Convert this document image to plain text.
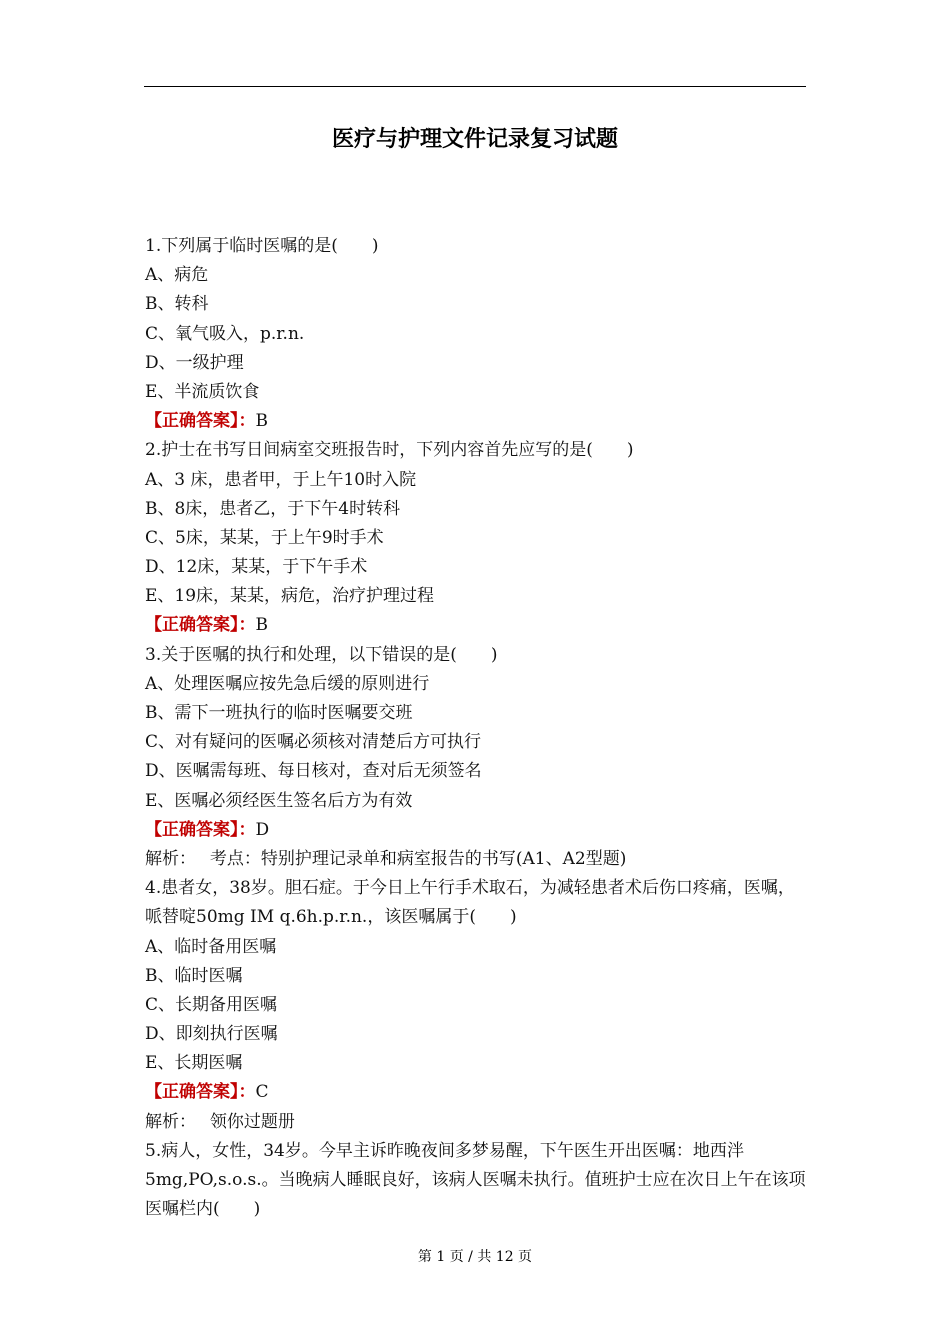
医疗与护理文件记录复习试题
1.下列属于临时医嘱的是(　　)
A、病危
B、转科
C、氧气吸入，p.r.n.
D、一级护理
E、半流质饮食
【正确答案】：B
2.护士在书写日间病室交班报告时，下列内容首先应写的是(　　)
A、3 床，患者甲，于上午10时入院
B、8床，患者乙，于下午4时转科
C、5床，某某，于上午9时手术
D、12床，某某，于下午手术
E、19床，某某，病危，治疗护理过程
【正确答案】：B
3.关于医嘱的执行和处理，以下错误的是(　　)
A、处理医嘱应按先急后缓的原则进行
B、需下一班执行的临时医嘱要交班
C、对有疑问的医嘱必须核对清楚后方可执行
D、医嘱需每班、每日核对，查对后无须签名
E、医嘱必须经医生签名后方为有效
【正确答案】：D
解析：　 考点：特别护理记录单和病室报告的书写(A1、A2型题)
4.患者女，38岁。胆石症。于今日上午行手术取石，为减轻患者术后伤口疼痛，医嘱，哌替啶50mg IM q.6h.p.r.n.，该医嘱属于(　　)
A、临时备用医嘱
B、临时医嘱
C、长期备用医嘱
D、即刻执行医嘱
E、长期医嘱
【正确答案】：C
解析：　 领你过题册
5.病人，女性，34岁。今早主诉昨晚夜间多梦易醒，下午医生开出医嘱：地西泮5mg,PO,s.o.s.。当晚病人睡眠良好，该病人医嘱未执行。值班护士应在次日上午在该项医嘱栏内(　　)
第 1 页 / 共 12 页
